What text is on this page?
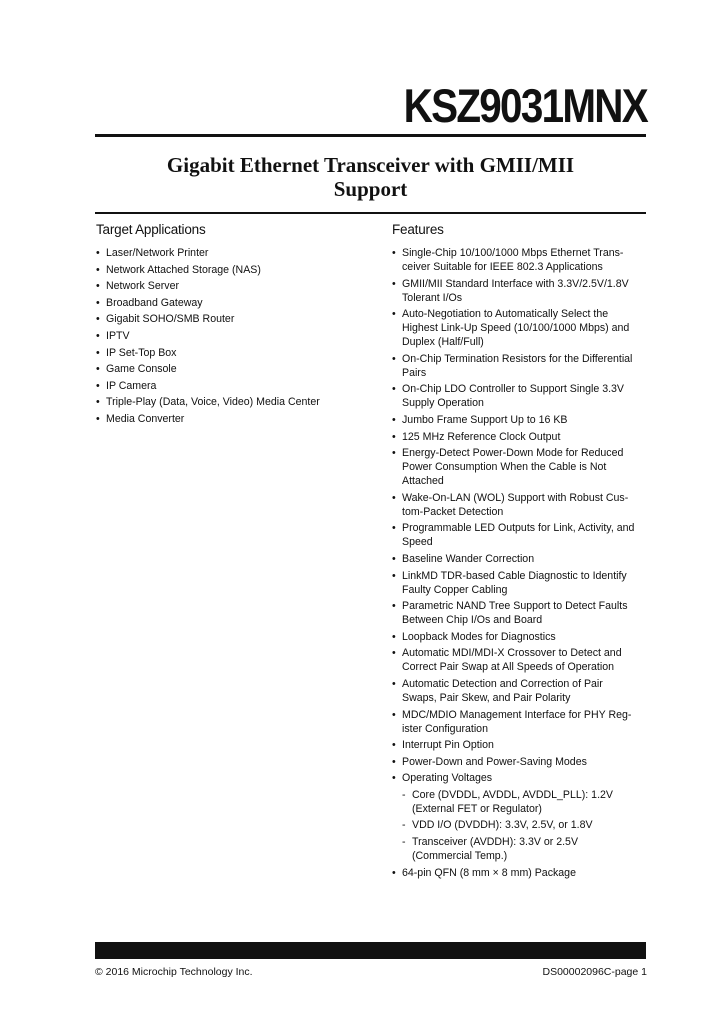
KSZ9031MNX
Gigabit Ethernet Transceiver with GMII/MII
Support
Target Applications	Features
• Laser/Network Printer
• Network Attached Storage (NAS)
• Network Server
• Broadband Gateway
• Gigabit SOHO/SMB Router
• IPTV
• IP Set-Top Box
• Game Console
• IP Camera
• Triple-Play (Data, Voice, Video) Media Center
• Media Converter
• Single-Chip 10/100/1000 Mbps Ethernet Trans-ceiver Suitable for IEEE 802.3 Applications
• GMII/MII Standard Interface with 3.3V/2.5V/1.8V Tolerant I/Os
• Auto-Negotiation to Automatically Select the Highest Link-Up Speed (10/100/1000 Mbps) and Duplex (Half/Full)
• On-Chip Termination Resistors for the Differential Pairs
• On-Chip LDO Controller to Support Single 3.3V Supply Operation
• Jumbo Frame Support Up to 16 KB
• 125 MHz Reference Clock Output
• Energy-Detect Power-Down Mode for Reduced Power Consumption When the Cable is Not Attached
• Wake-On-LAN (WOL) Support with Robust Cus-tom-Packet Detection
• Programmable LED Outputs for Link, Activity, and Speed
• Baseline Wander Correction
• LinkMD TDR-based Cable Diagnostic to Identify Faulty Copper Cabling
• Parametric NAND Tree Support to Detect Faults Between Chip I/Os and Board
• Loopback Modes for Diagnostics
• Automatic MDI/MDI-X Crossover to Detect and Correct Pair Swap at All Speeds of Operation
• Automatic Detection and Correction of Pair Swaps, Pair Skew, and Pair Polarity
• MDC/MDIO Management Interface for PHY Reg-ister Configuration
• Interrupt Pin Option
• Power-Down and Power-Saving Modes
• Operating Voltages
- Core (DVDDL, AVDDL, AVDDL_PLL): 1.2V (External FET or Regulator)
- VDD I/O (DVDDH): 3.3V, 2.5V, or 1.8V
- Transceiver (AVDDH): 3.3V or 2.5V (Commercial Temp.)
• 64-pin QFN (8 mm × 8 mm) Package
© 2016 Microchip Technology Inc.	DS00002096C-page 1
